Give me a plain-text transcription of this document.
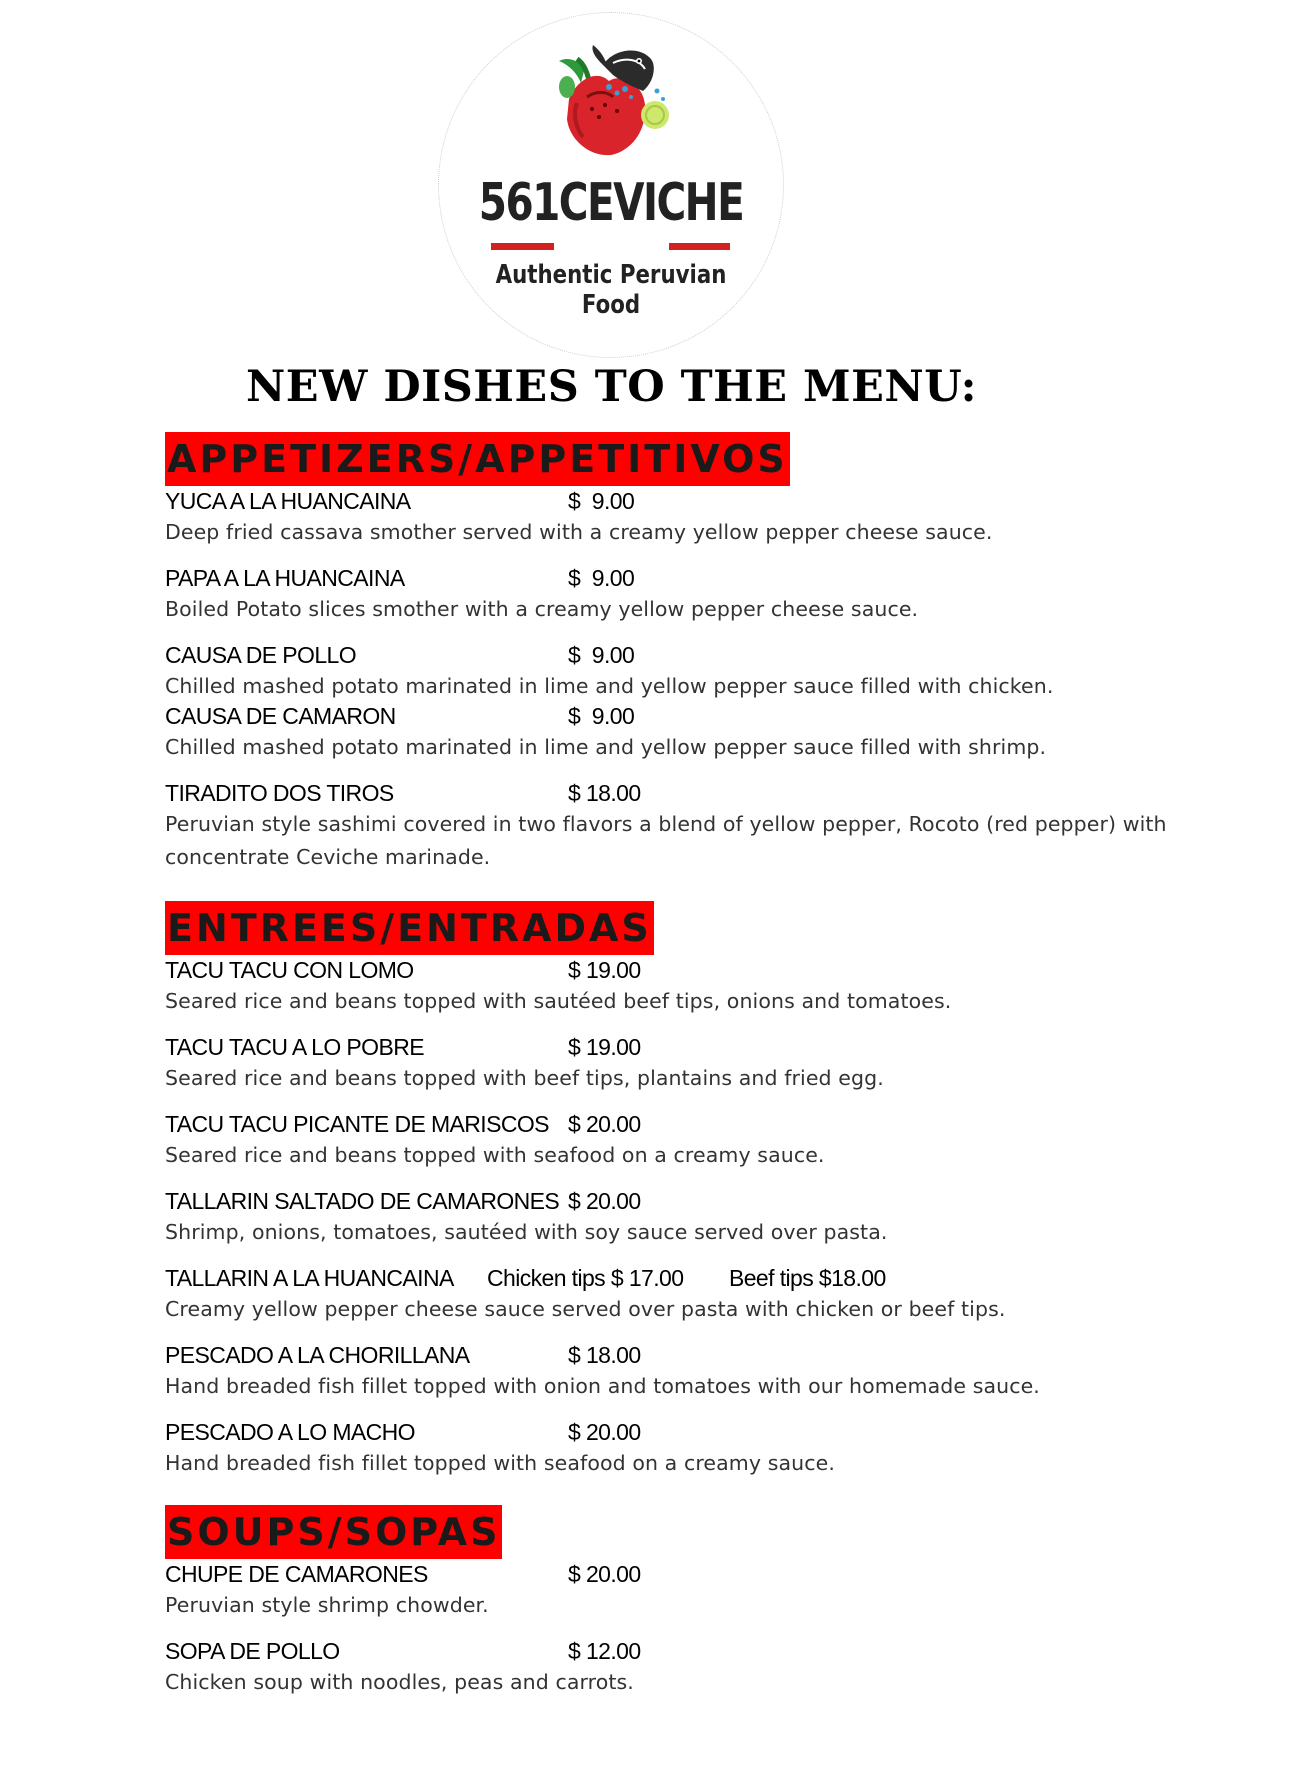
561CEVICHE
Authentic Peruvian Food
NEW DISHES TO THE MENU:
APPETIZERS/APPETITIVOS
YUCA A LA HUANCAINA	$  9.00
Deep fried cassava smother served with a creamy yellow pepper cheese sauce.
PAPA A LA HUANCAINA	$  9.00
Boiled Potato slices smother with a creamy yellow pepper cheese sauce.
CAUSA DE POLLO	$  9.00
Chilled mashed potato marinated in lime and yellow pepper sauce filled with chicken.
CAUSA DE CAMARON	$  9.00
Chilled mashed potato marinated in lime and yellow pepper sauce filled with shrimp.
TIRADITO DOS TIROS	$ 18.00
Peruvian style sashimi covered in two flavors a blend of yellow pepper, Rocoto (red pepper) with concentrate Ceviche marinade.
ENTREES/ENTRADAS
TACU TACU CON LOMO	$ 19.00
Seared rice and beans topped with sautéed beef tips, onions and tomatoes.
TACU TACU A LO POBRE	$ 19.00
Seared rice and beans topped with beef tips, plantains and fried egg.
TACU TACU PICANTE DE MARISCOS $ 20.00
Seared rice and beans topped with seafood on a creamy sauce.
TALLARIN SALTADO DE CAMARONES $ 20.00
Shrimp, onions, tomatoes, sautéed with soy sauce served over pasta.
TALLARIN A LA HUANCAINA Chicken tips $ 17.00 Beef tips $18.00
Creamy yellow pepper cheese sauce served over pasta with chicken or beef tips.
PESCADO A LA CHORILLANA	$ 18.00
Hand breaded fish fillet topped with onion and tomatoes with our homemade sauce.
PESCADO A LO MACHO	$ 20.00
Hand breaded fish fillet topped with seafood on a creamy sauce.
SOUPS/SOPAS
CHUPE DE CAMARONES	$ 20.00
Peruvian style shrimp chowder.
SOPA DE POLLO	$ 12.00
Chicken soup with noodles, peas and carrots.
